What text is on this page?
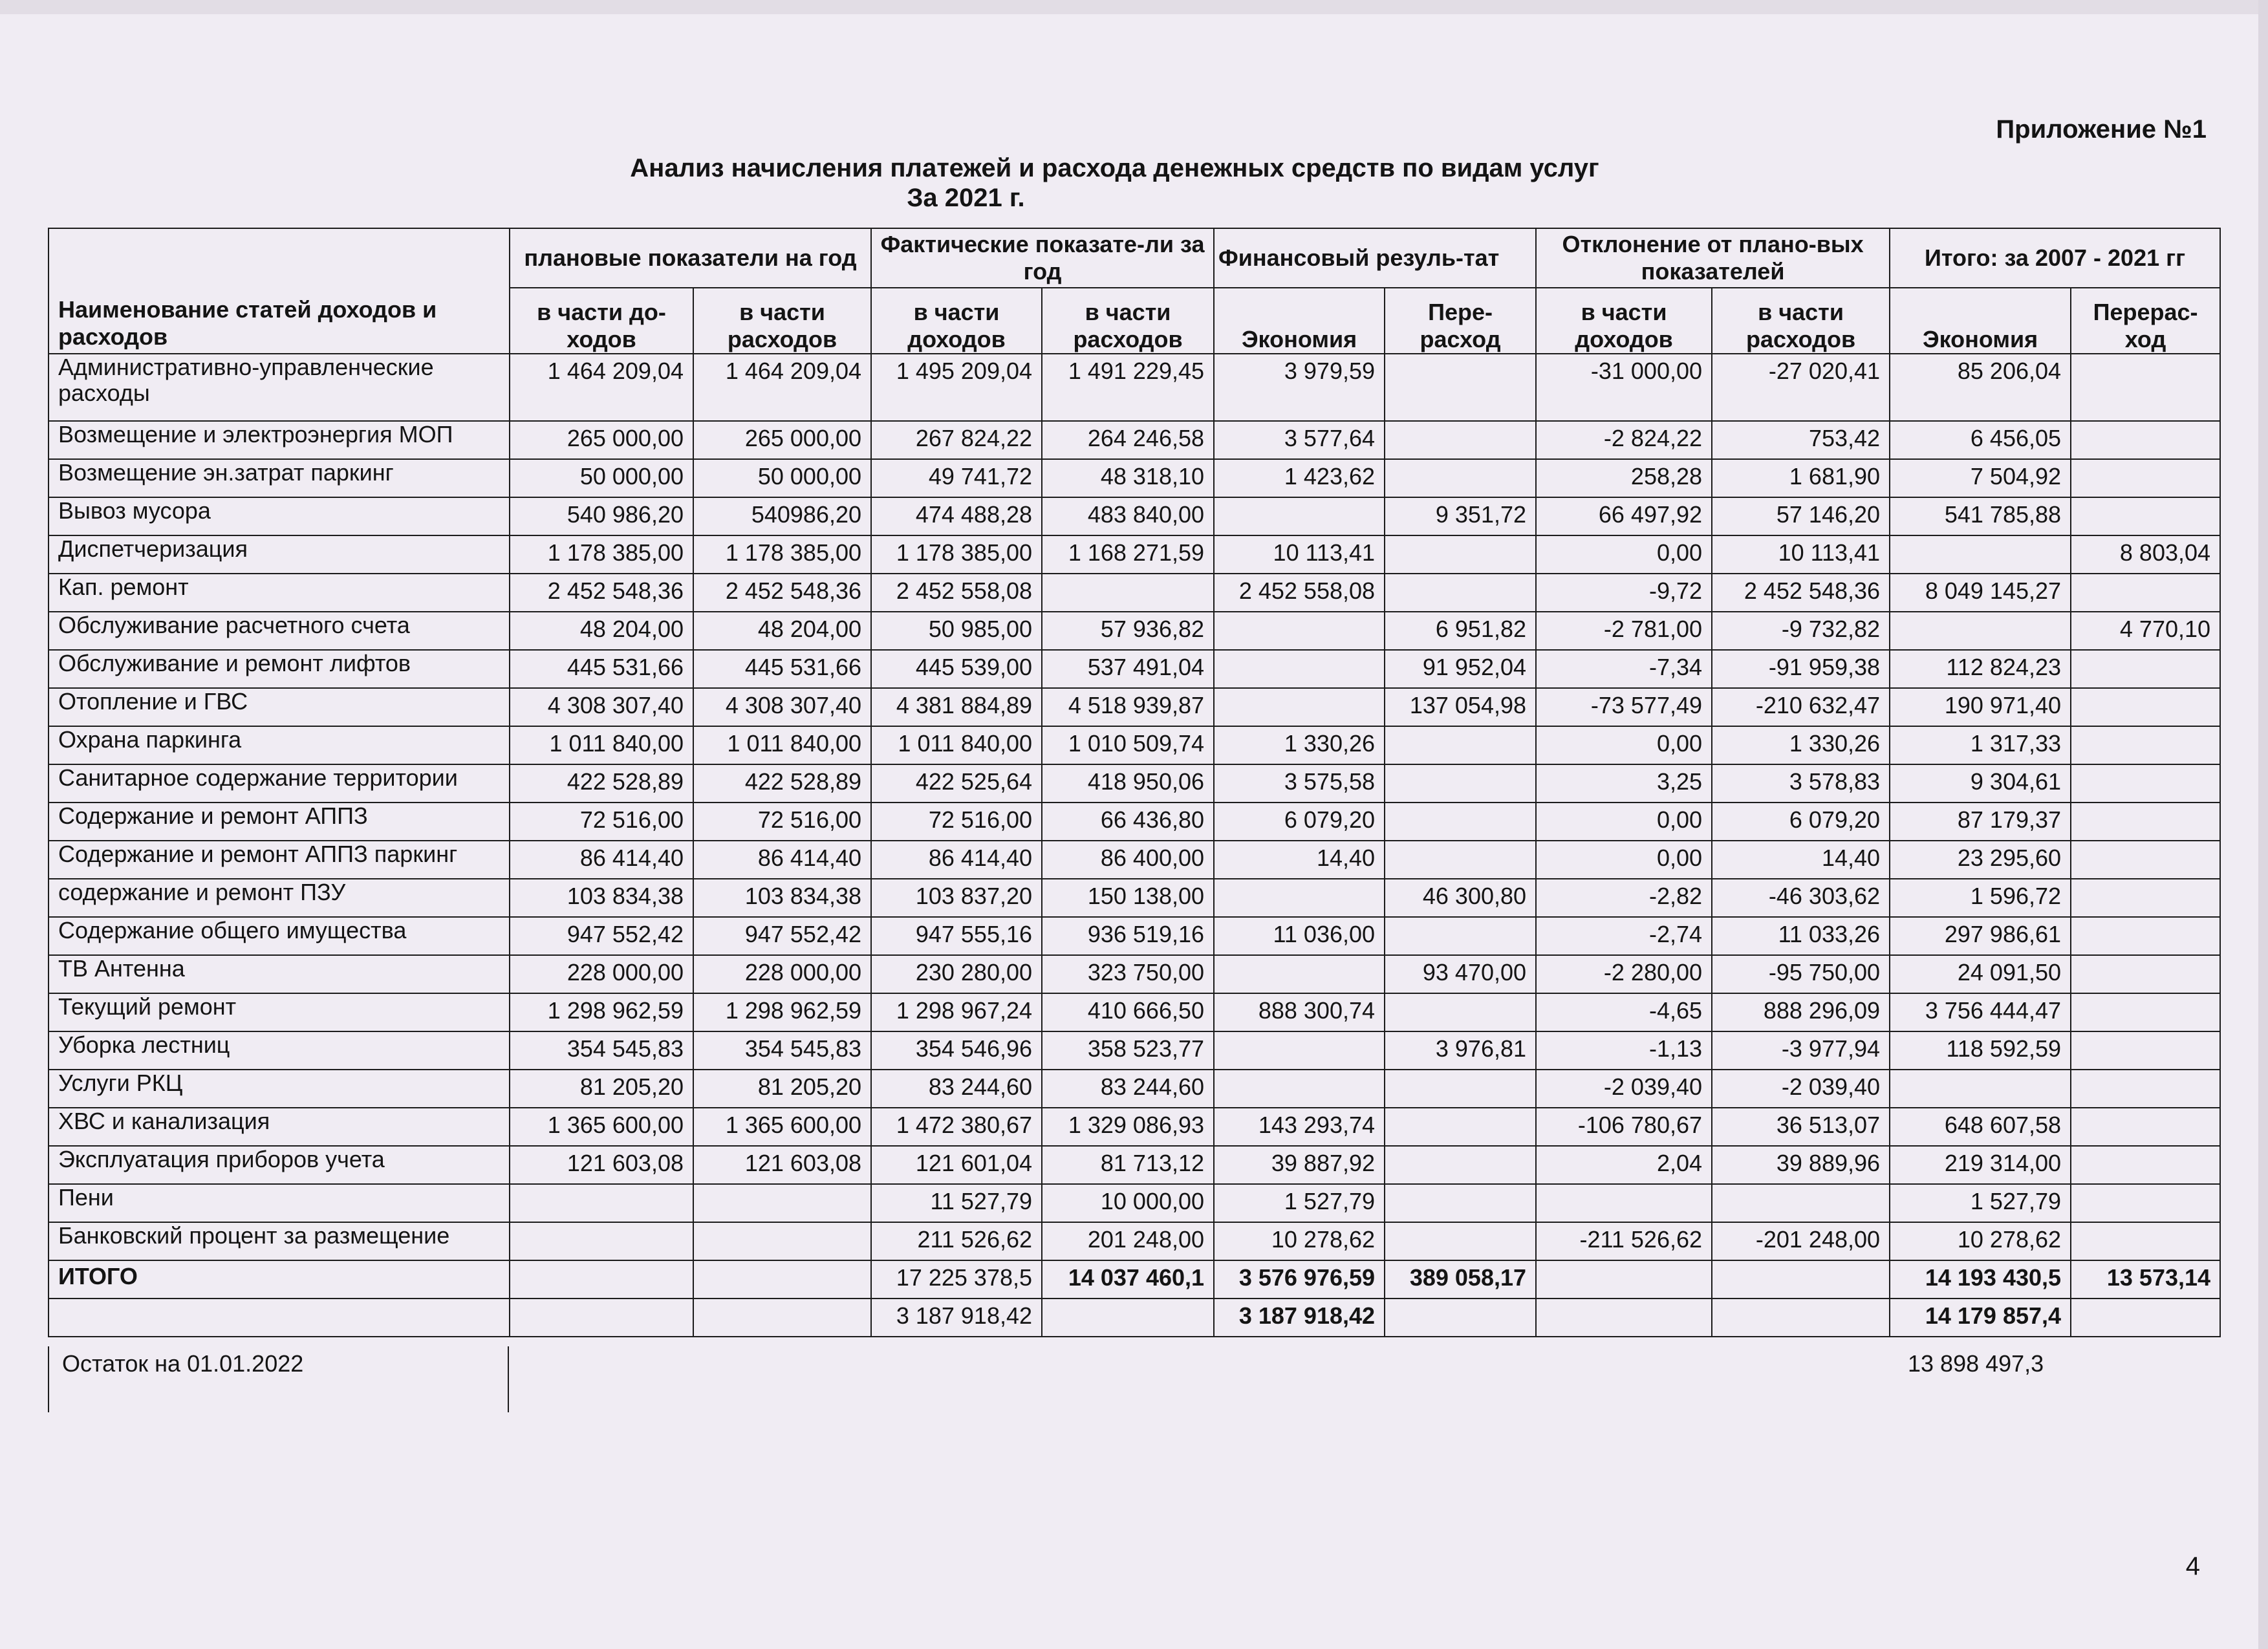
Приложение №1
Анализ начисления платежей и расхода денежных средств по видам услуг
За 2021 г.
Наименование статей доходов и расходов	плановые показатели на год		Фактические показате-ли за год		Финансовый резуль-тат		Отклонение от плано-вых показателей		Итого: за 2007 - 2021 гг	
	в части до-ходов	в части расходов	в части доходов	в части расходов	Экономия	Пере-расход	в части доходов	в части расходов	Экономия	Перерас-ход
Административно-управленческие расходы	1 464 209,04	1 464 209,04	1 495 209,04	1 491 229,45	3 979,59		-31 000,00	-27 020,41	85 206,04	
Возмещение и электроэнергия МОП	265 000,00	265 000,00	267 824,22	264 246,58	3 577,64		-2 824,22	753,42	6 456,05	
Возмещение эн.затрат паркинг	50 000,00	50 000,00	49 741,72	48 318,10	1 423,62		258,28	1 681,90	7 504,92	
Вывоз мусора	540 986,20	540986,20	474 488,28	483 840,00		9 351,72	66 497,92	57 146,20	541 785,88	
Диспетчеризация	1 178 385,00	1 178 385,00	1 178 385,00	1 168 271,59	10 113,41		0,00	10 113,41		8 803,04
Кап. ремонт	2 452 548,36	2 452 548,36	2 452 558,08		2 452 558,08		-9,72	2 452 548,36	8 049 145,27	
Обслуживание расчетного счета	48 204,00	48 204,00	50 985,00	57 936,82		6 951,82	-2 781,00	-9 732,82		4 770,10
Обслуживание и ремонт лифтов	445 531,66	445 531,66	445 539,00	537 491,04		91 952,04	-7,34	-91 959,38	112 824,23	
Отопление и ГВС	4 308 307,40	4 308 307,40	4 381 884,89	4 518 939,87		137 054,98	-73 577,49	-210 632,47	190 971,40	
Охрана паркинга	1 011 840,00	1 011 840,00	1 011 840,00	1 010 509,74	1 330,26		0,00	1 330,26	1 317,33	
Санитарное содержание территории	422 528,89	422 528,89	422 525,64	418 950,06	3 575,58		3,25	3 578,83	9 304,61	
Содержание и ремонт АППЗ	72 516,00	72 516,00	72 516,00	66 436,80	6 079,20		0,00	6 079,20	87 179,37	
Содержание и ремонт АППЗ паркинг	86 414,40	86 414,40	86 414,40	86 400,00	14,40		0,00	14,40	23 295,60	
содержание и ремонт ПЗУ	103 834,38	103 834,38	103 837,20	150 138,00		46 300,80	-2,82	-46 303,62	1 596,72	
Содержание общего имущества	947 552,42	947 552,42	947 555,16	936 519,16	11 036,00		-2,74	11 033,26	297 986,61	
ТВ Антенна	228 000,00	228 000,00	230 280,00	323 750,00		93 470,00	-2 280,00	-95 750,00	24 091,50	
Текущий ремонт	1 298 962,59	1 298 962,59	1 298 967,24	410 666,50	888 300,74		-4,65	888 296,09	3 756 444,47	
Уборка лестниц	354 545,83	354 545,83	354 546,96	358 523,77		3 976,81	-1,13	-3 977,94	118 592,59	
Услуги РКЦ	81 205,20	81 205,20	83 244,60	83 244,60			-2 039,40	-2 039,40		
ХВС и канализация	1 365 600,00	1 365 600,00	1 472 380,67	1 329 086,93	143 293,74		-106 780,67	36 513,07	648 607,58	
Эксплуатация приборов учета	121 603,08	121 603,08	121 601,04	81 713,12	39 887,92		2,04	39 889,96	219 314,00	
Пени			11 527,79	10 000,00	1 527,79				1 527,79	
Банковский процент за размещение			211 526,62	201 248,00	10 278,62		-211 526,62	-201 248,00	10 278,62	
ИТОГО			17 225 378,5	14 037 460,1	3 576 976,59	389 058,17			14 193 430,5	13 573,14
			3 187 918,42		3 187 918,42				14 179 857,4	
Остаток на 01.01.2022	13 898 497,3
4
